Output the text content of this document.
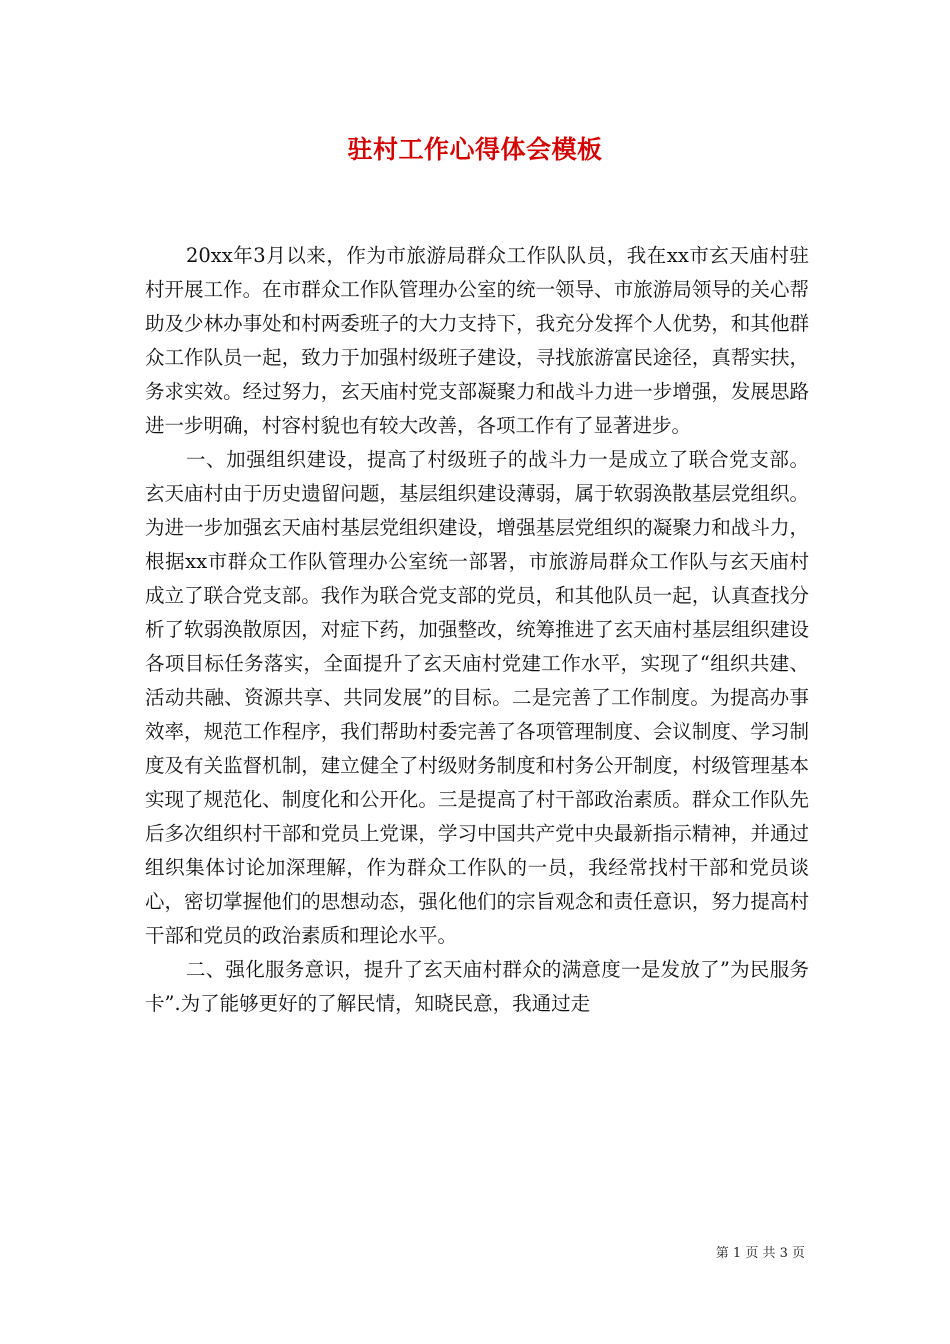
驻村工作心得体会模板

20xx年3月以来，作为市旅游局群众工作队队员，我在xx市玄天庙村驻村开展工作。在市群众工作队管理办公室的统一领导、市旅游局领导的关心帮助及少林办事处和村两委班子的大力支持下，我充分发挥个人优势，和其他群众工作队员一起，致力于加强村级班子建设，寻找旅游富民途径，真帮实扶，务求实效。经过努力，玄天庙村党支部凝聚力和战斗力进一步增强，发展思路进一步明确，村容村貌也有较大改善，各项工作有了显著进步。

一、加强组织建设，提高了村级班子的战斗力一是成立了联合党支部。玄天庙村由于历史遗留问题，基层组织建设薄弱，属于软弱涣散基层党组织。为进一步加强玄天庙村基层党组织建设，增强基层党组织的凝聚力和战斗力，根据xx市群众工作队管理办公室统一部署，市旅游局群众工作队与玄天庙村成立了联合党支部。我作为联合党支部的党员，和其他队员一起，认真查找分析了软弱涣散原因，对症下药，加强整改，统筹推进了玄天庙村基层组织建设各项目标任务落实，全面提升了玄天庙村党建工作水平，实现了“组织共建、活动共融、资源共享、共同发展”的目标。二是完善了工作制度。为提高办事效率，规范工作程序，我们帮助村委完善了各项管理制度、会议制度、学习制度及有关监督机制，建立健全了村级财务制度和村务公开制度，村级管理基本实现了规范化、制度化和公开化。三是提高了村干部政治素质。群众工作队先后多次组织村干部和党员上党课，学习中国共产党中央最新指示精神，并通过组织集体讨论加深理解，作为群众工作队的一员，我经常找村干部和党员谈心，密切掌握他们的思想动态，强化他们的宗旨观念和责任意识，努力提高村干部和党员的政治素质和理论水平。

二、强化服务意识，提升了玄天庙村群众的满意度一是发放了”为民服务卡”.为了能够更好的了解民情，知晓民意，我通过走

第 1 页 共 3 页
